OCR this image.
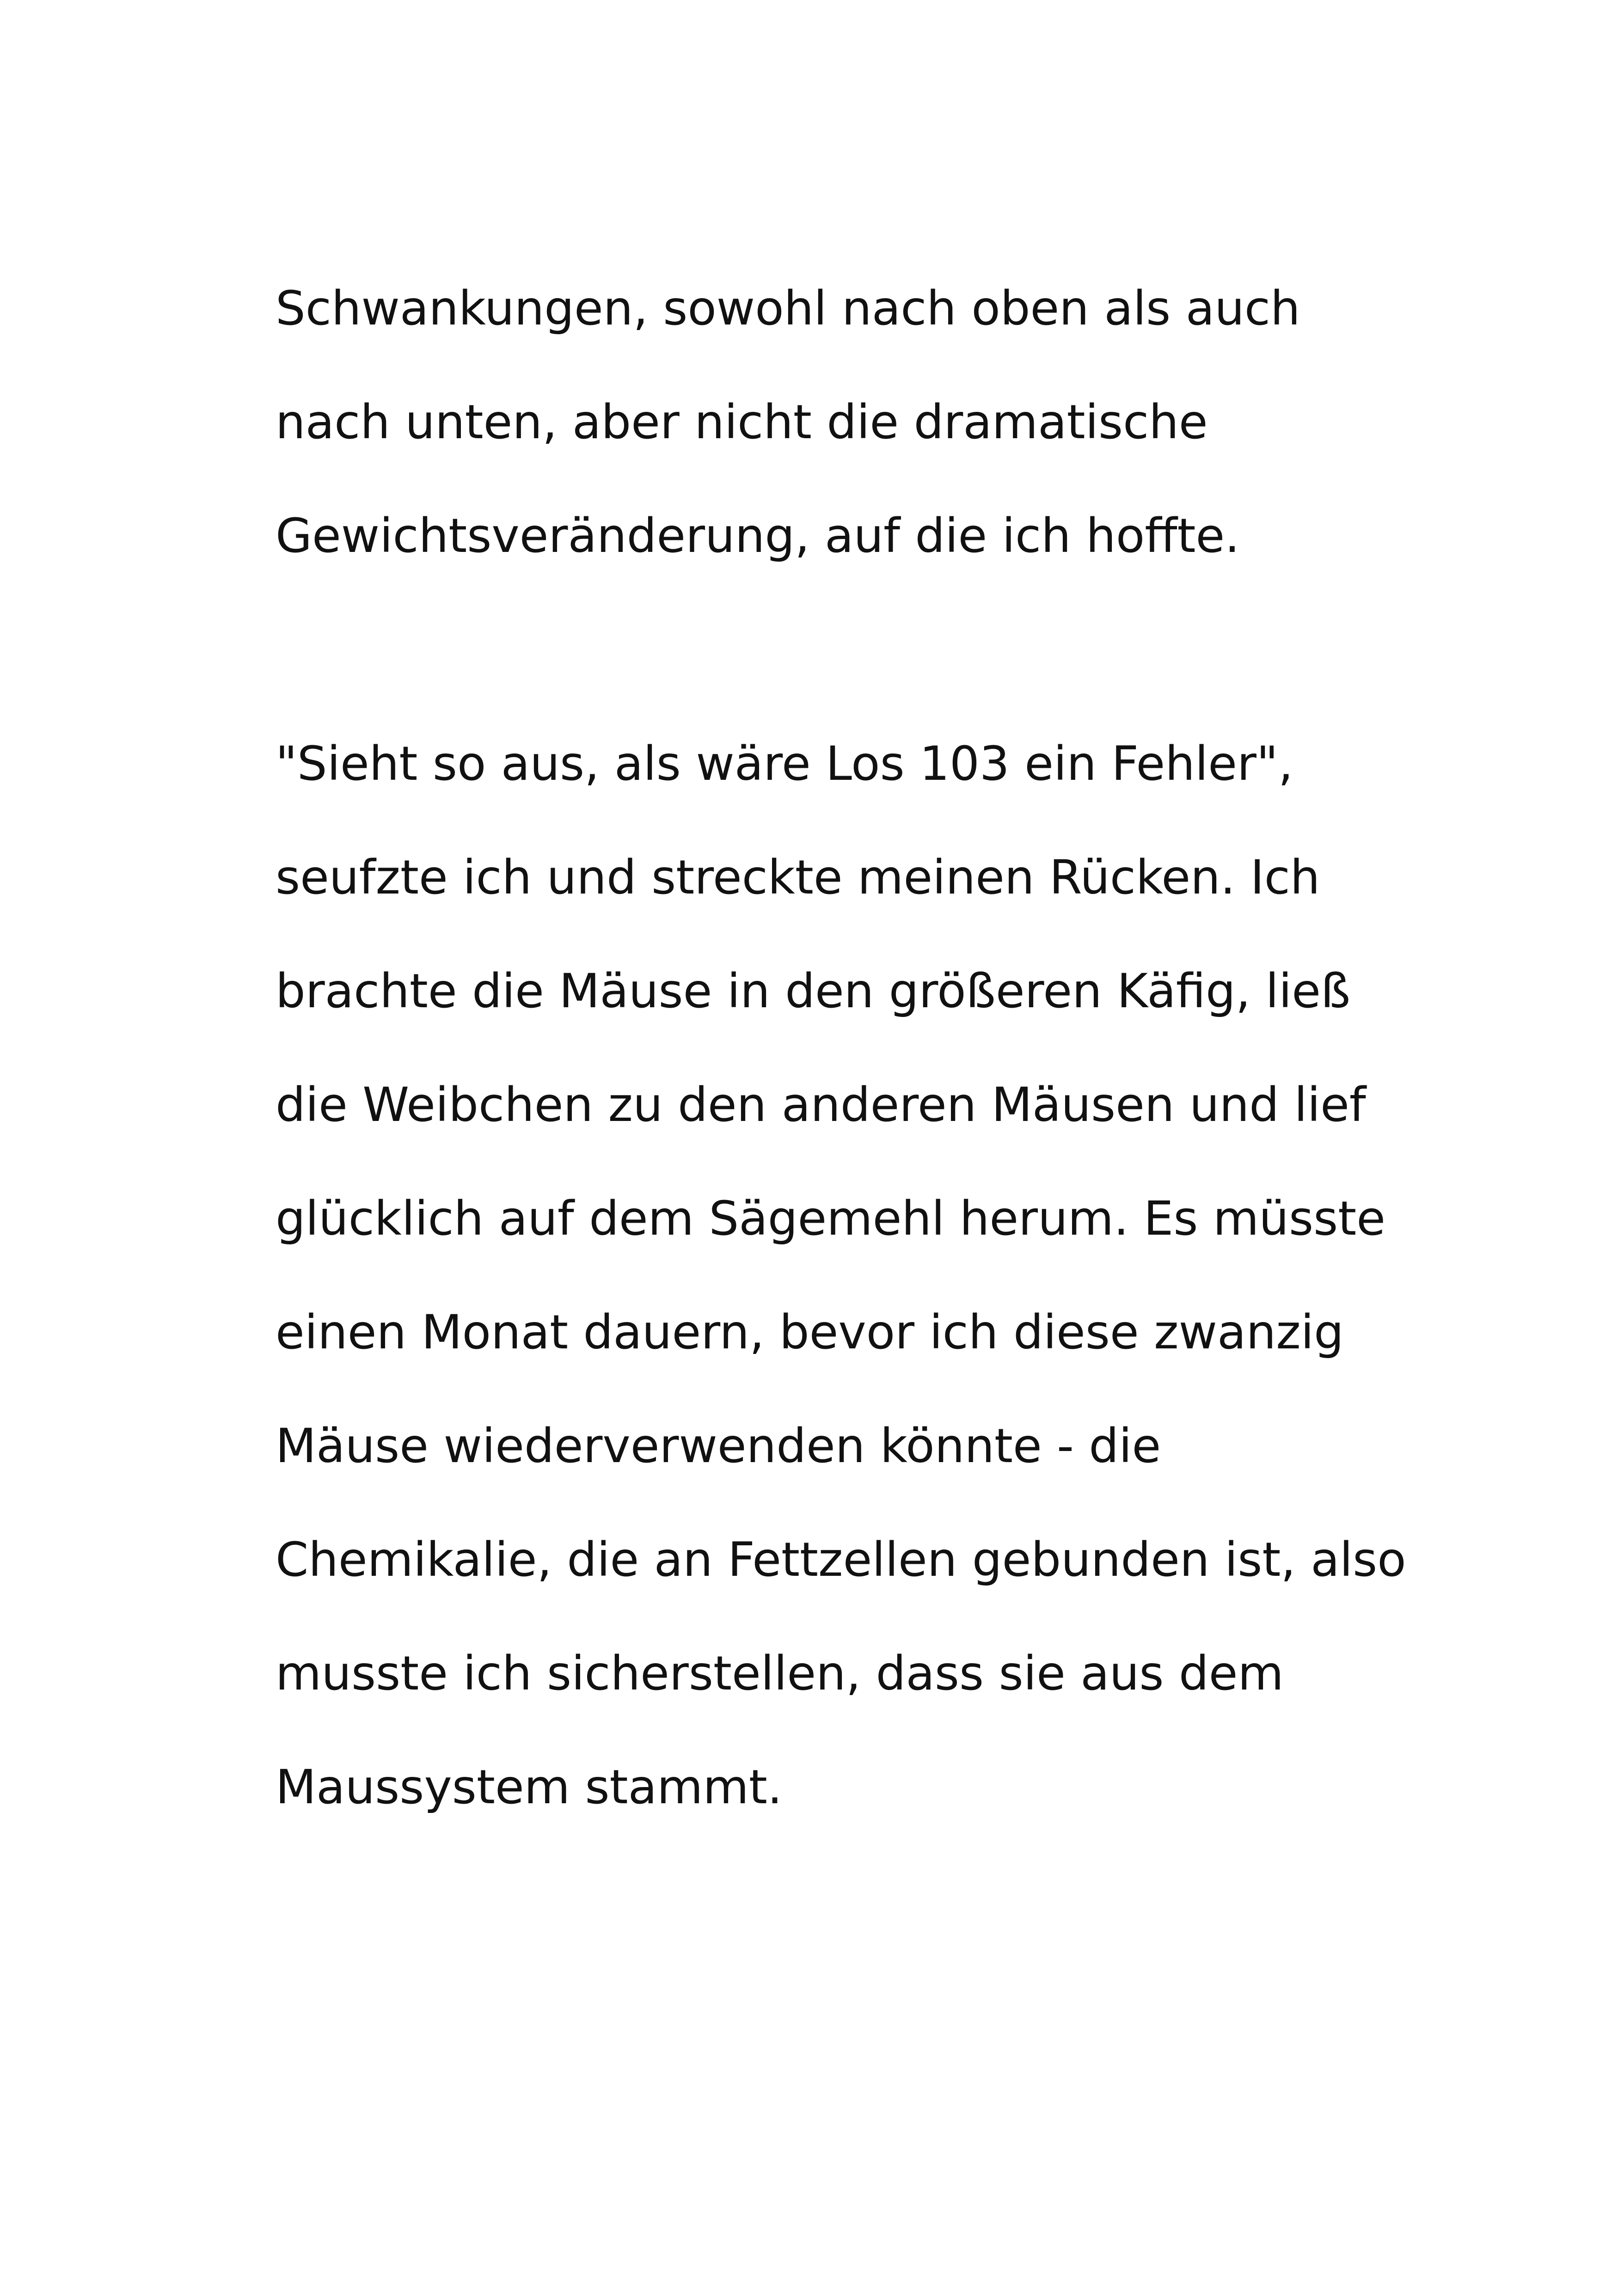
Schwankungen, sowohl nach oben als auch
nach unten, aber nicht die dramatische
Gewichtsveränderung, auf die ich hoffte.
"Sieht so aus, als wäre Los 103 ein Fehler",
seufzte ich und streckte meinen Rücken. Ich
brachte die Mäuse in den größeren Käfig, ließ
die Weibchen zu den anderen Mäusen und lief
glücklich auf dem Sägemehl herum. Es müsste
einen Monat dauern, bevor ich diese zwanzig
Mäuse wiederverwenden könnte - die
Chemikalie, die an Fettzellen gebunden ist, also
musste ich sicherstellen, dass sie aus dem
Maussystem stammt.
